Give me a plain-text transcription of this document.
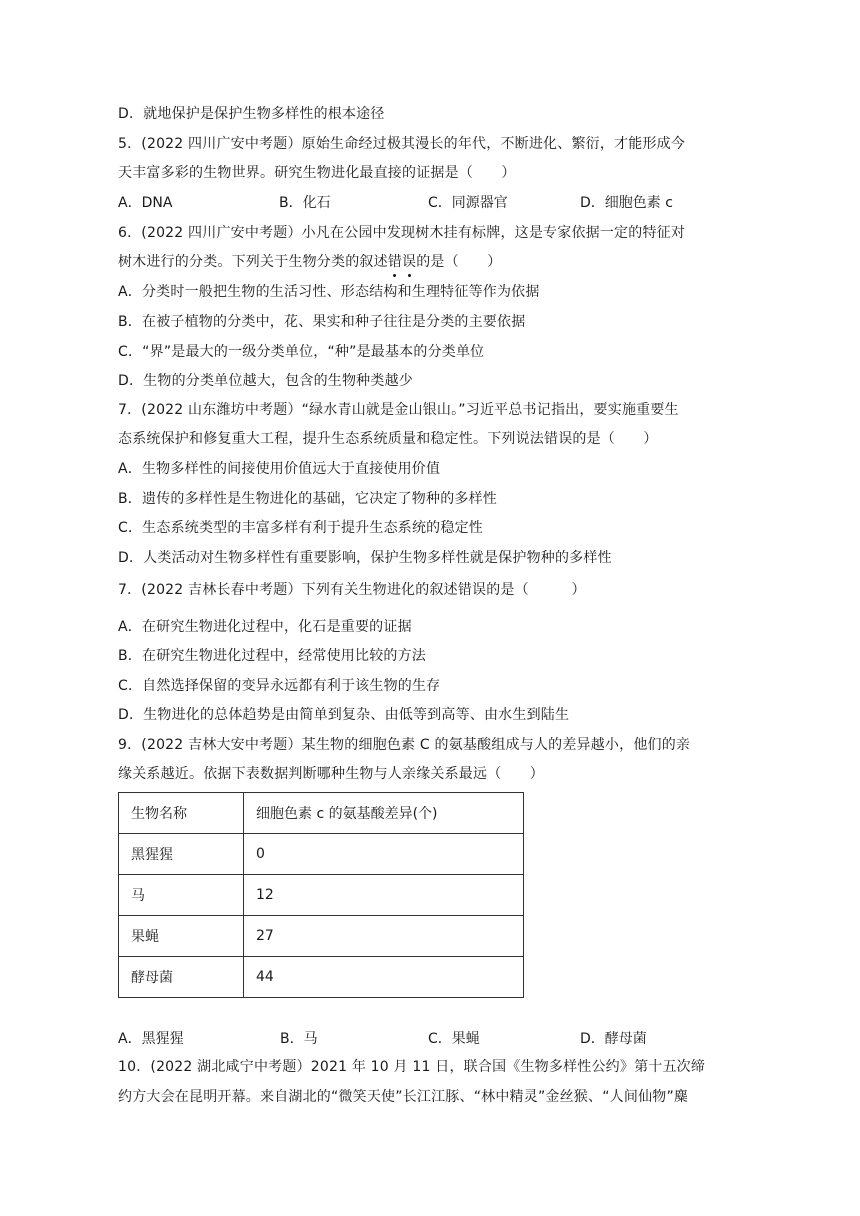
D．就地保护是保护生物多样性的根本途径
5．(2022 四川广安中考题）原始生命经过极其漫长的年代，不断进化、繁衍，才能形成今
天丰富多彩的生物世界。研究生物进化最直接的证据是（　　）
A．DNA	B．化石	C．同源器官	D．细胞色素 c
6．(2022 四川广安中考题）小凡在公园中发现树木挂有标牌，这是专家依据一定的特征对
树木进行的分类。下列关于生物分类的叙述错误的是（　　）
A．分类时一般把生物的生活习性、形态结构和生理特征等作为依据
B．在被子植物的分类中，花、果实和种子往往是分类的主要依据
C．“界”是最大的一级分类单位，“种”是最基本的分类单位
D．生物的分类单位越大，包含的生物种类越少
7．(2022 山东潍坊中考题）“绿水青山就是金山银山。”习近平总书记指出，要实施重要生
态系统保护和修复重大工程，提升生态系统质量和稳定性。下列说法错误的是（　　）
A．生物多样性的间接使用价值远大于直接使用价值
B．遗传的多样性是生物进化的基础，它决定了物种的多样性
C．生态系统类型的丰富多样有利于提升生态系统的稳定性
D．人类活动对生物多样性有重要影响，保护生物多样性就是保护物种的多样性
7．(2022 吉林长春中考题）下列有关生物进化的叙述错误的是（　　　）
A．在研究生物进化过程中，化石是重要的证据
B．在研究生物进化过程中，经常使用比较的方法
C．自然选择保留的变异永远都有利于该生物的生存
D．生物进化的总体趋势是由简单到复杂、由低等到高等、由水生到陆生
9．(2022 吉林大安中考题）某生物的细胞色素 C 的氨基酸组成与人的差异越小，他们的亲
缘关系越近。依据下表数据判断哪种生物与人亲缘关系最远（　　）
生物名称	细胞色素 c 的氨基酸差异(个)
黑猩猩	0
马	12
果蝇	27
酵母菌	44
A．黑猩猩	B．马	C．果蝇	D．酵母菌
10．(2022 湖北咸宁中考题）2021 年 10 月 11 日，联合国《生物多样性公约》第十五次缔
约方大会在昆明开幕。来自湖北的“微笑天使”长江江豚、“林中精灵”金丝猴、“人间仙物”麋
